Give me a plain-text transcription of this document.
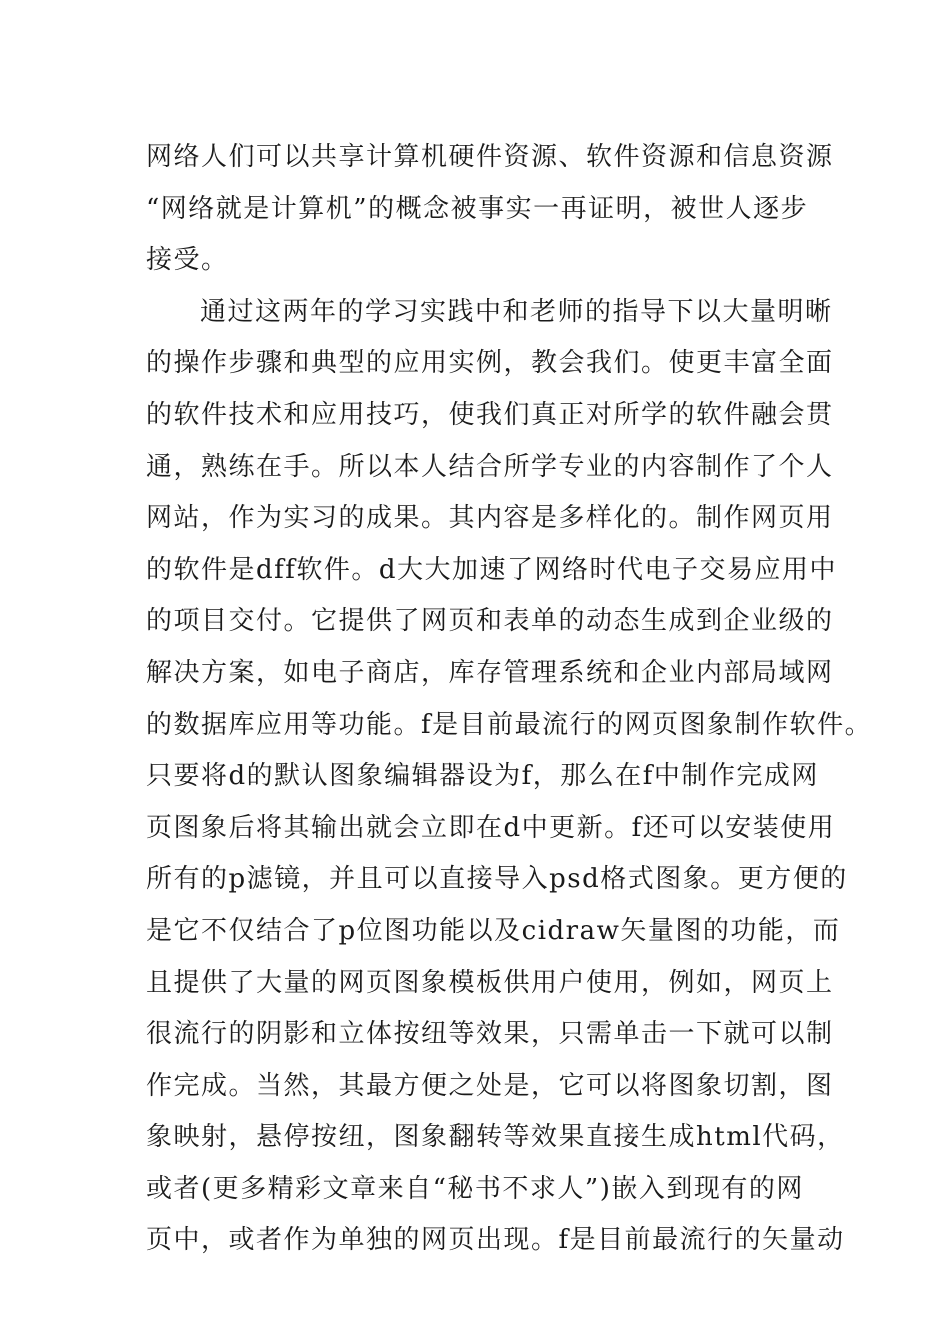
网络人们可以共享计算机硬件资源、软件资源和信息资源
“网络就是计算机”的概念被事实一再证明，被世人逐步
接受。
通过这两年的学习实践中和老师的指导下以大量明晰
的操作步骤和典型的应用实例，教会我们。使更丰富全面
的软件技术和应用技巧，使我们真正对所学的软件融会贯
通，熟练在手。所以本人结合所学专业的内容制作了个人
网站，作为实习的成果。其内容是多样化的。制作网页用
的软件是dff软件。d大大加速了网络时代电子交易应用中
的项目交付。它提供了网页和表单的动态生成到企业级的
解决方案，如电子商店，库存管理系统和企业内部局域网
的数据库应用等功能。f是目前最流行的网页图象制作软件。
只要将d的默认图象编辑器设为f，那么在f中制作完成网
页图象后将其输出就会立即在d中更新。f还可以安装使用
所有的p滤镜，并且可以直接导入psd格式图象。更方便的
是它不仅结合了p位图功能以及cidraw矢量图的功能，而
且提供了大量的网页图象模板供用户使用，例如，网页上
很流行的阴影和立体按纽等效果，只需单击一下就可以制
作完成。当然，其最方便之处是，它可以将图象切割，图
象映射，悬停按纽，图象翻转等效果直接生成html代码，
或者(更多精彩文章来自“秘书不求人”)嵌入到现有的网
页中，或者作为单独的网页出现。f是目前最流行的矢量动
